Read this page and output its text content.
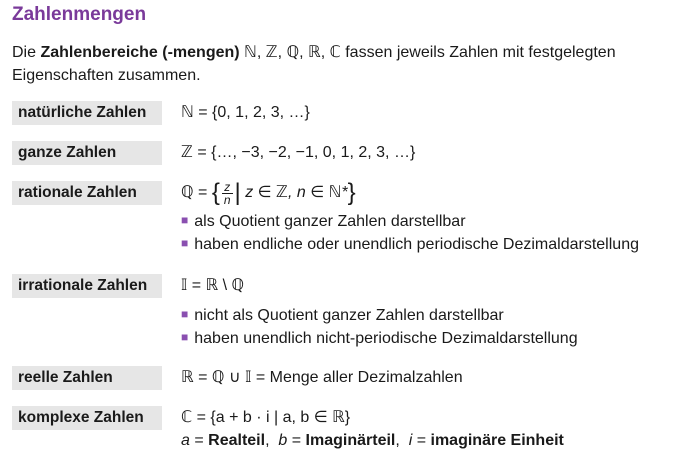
Zahlenmengen
Die Zahlenbereiche (-mengen) ℕ, ℤ, ℚ, ℝ, ℂ fassen jeweils Zahlen mit festgelegten Eigenschaften zusammen.
natürliche Zahlen	ℕ = {0, 1, 2, 3, …}
ganze Zahlen	ℤ = {…, −3, −2, −1, 0, 1, 2, 3, …}
rationale Zahlen	ℚ = { $\frac{z}{n}$ | z ∈ ℤ, n ∈ ℕ*}
■ als Quotient ganzer Zahlen darstellbar
■ haben endliche oder unendlich periodische Dezimaldarstellung
irrationale Zahlen	𝕀 = ℝ \ ℚ
■ nicht als Quotient ganzer Zahlen darstellbar
■ haben unendlich nicht-periodische Dezimaldarstellung
reelle Zahlen	ℝ = ℚ ∪ 𝕀 = Menge aller Dezimalzahlen
komplexe Zahlen	ℂ = {a + b · i | a, b ∈ ℝ}
a = Realteil,  b = Imaginärteil,  i = imaginäre Einheit
